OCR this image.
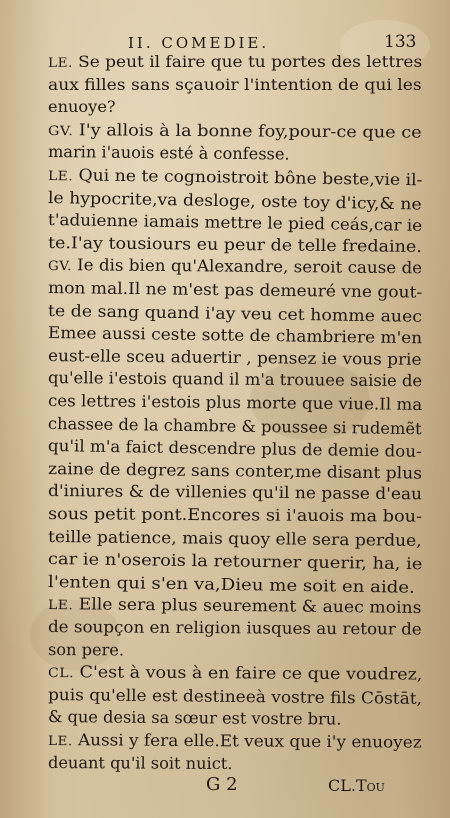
II. COMEDIE.	133
LE. Se peut il faire que tu portes des lettres
aux filles sans sçauoir l'intention de qui les
enuoye?
GV. I'y allois à la bonne foy,pour-ce que ce
marin i'auois esté à confesse.
LE. Qui ne te cognoistroit bône beste,vie il-
le hypocrite,va desloge, oste toy d'icy,& ne
t'aduienne iamais mettre le pied ceás,car ie
te.I'ay tousiours eu peur de telle fredaine.
GV. Ie dis bien qu'Alexandre, seroit cause de
mon mal.Il ne m'est pas demeuré vne gout-
te de sang quand i'ay veu cet homme auec
Emee aussi ceste sotte de chambriere m'en
eust-elle sceu aduertir , pensez ie vous prie
qu'elle i'estois quand il m'a trouuee saisie de
ces lettres i'estois plus morte que viue.Il ma
chassee de la chambre & poussee si rudemẽt
qu'il m'a faict descendre plus de demie dou-
zaine de degrez sans conter,me disant plus
d'iniures & de villenies qu'il ne passe d'eau
sous petit pont.Encores si i'auois ma bou-
teille patience, mais quoy elle sera perdue,
car ie n'oserois la retourner querir, ha, ie
l'enten qui s'en va,Dieu me soit en aide.
LE. Elle sera plus seurement & auec moins
de soupçon en religion iusques au retour de
son pere.
CL. C'est à vous à en faire ce que voudrez,
puis qu'elle est destineeà vostre fils Cōstāt,
& que desia sa sœur est vostre bru.
LE. Aussi y fera elle.Et veux que i'y enuoyez
deuant qu'il soit nuict.
G 2	CL.Tou
